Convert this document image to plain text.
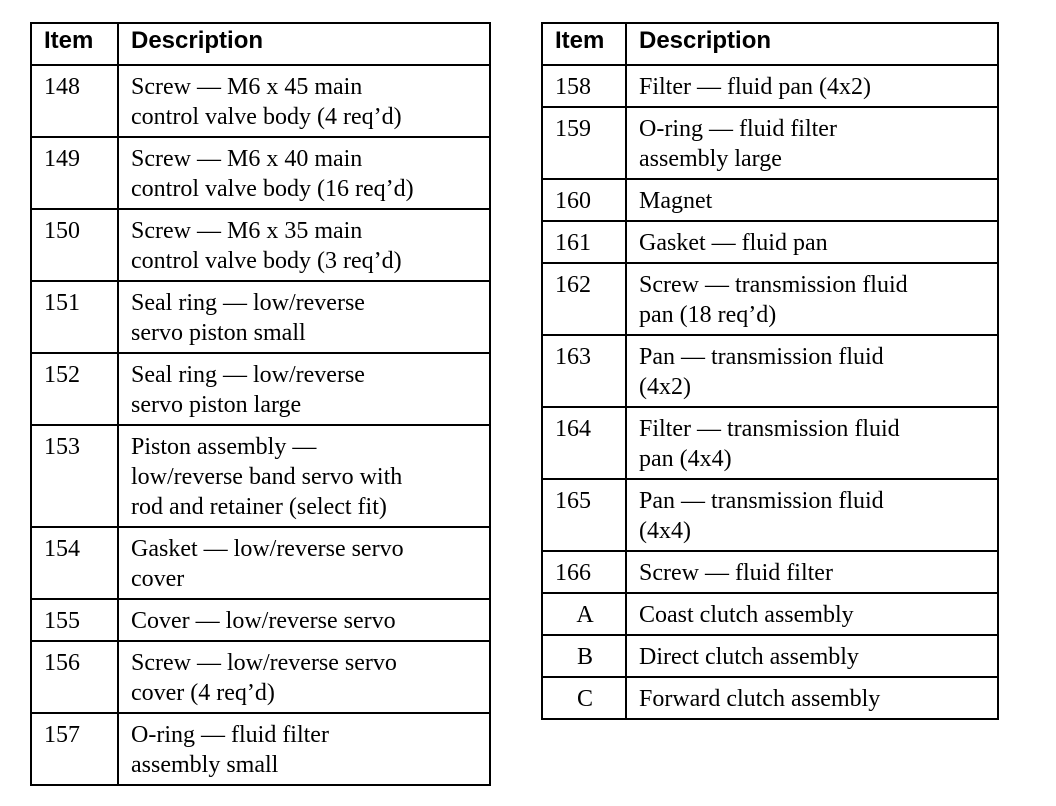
Item	Description
148	Screw — M6 x 45 main
control valve body (4 req’d)
149	Screw — M6 x 40 main
control valve body (16 req’d)
150	Screw — M6 x 35 main
control valve body (3 req’d)
151	Seal ring — low/reverse
servo piston small
152	Seal ring — low/reverse
servo piston large
153	Piston assembly —
low/reverse band servo with
rod and retainer (select fit)
154	Gasket — low/reverse servo
cover
155	Cover — low/reverse servo
156	Screw — low/reverse servo
cover (4 req’d)
157	O-ring — fluid filter
assembly small
Item	Description
158	Filter — fluid pan (4x2)
159	O-ring — fluid filter
assembly large
160	Magnet
161	Gasket — fluid pan
162	Screw — transmission fluid
pan (18 req’d)
163	Pan — transmission fluid
(4x2)
164	Filter — transmission fluid
pan (4x4)
165	Pan — transmission fluid
(4x4)
166	Screw — fluid filter
A	Coast clutch assembly
B	Direct clutch assembly
C	Forward clutch assembly
